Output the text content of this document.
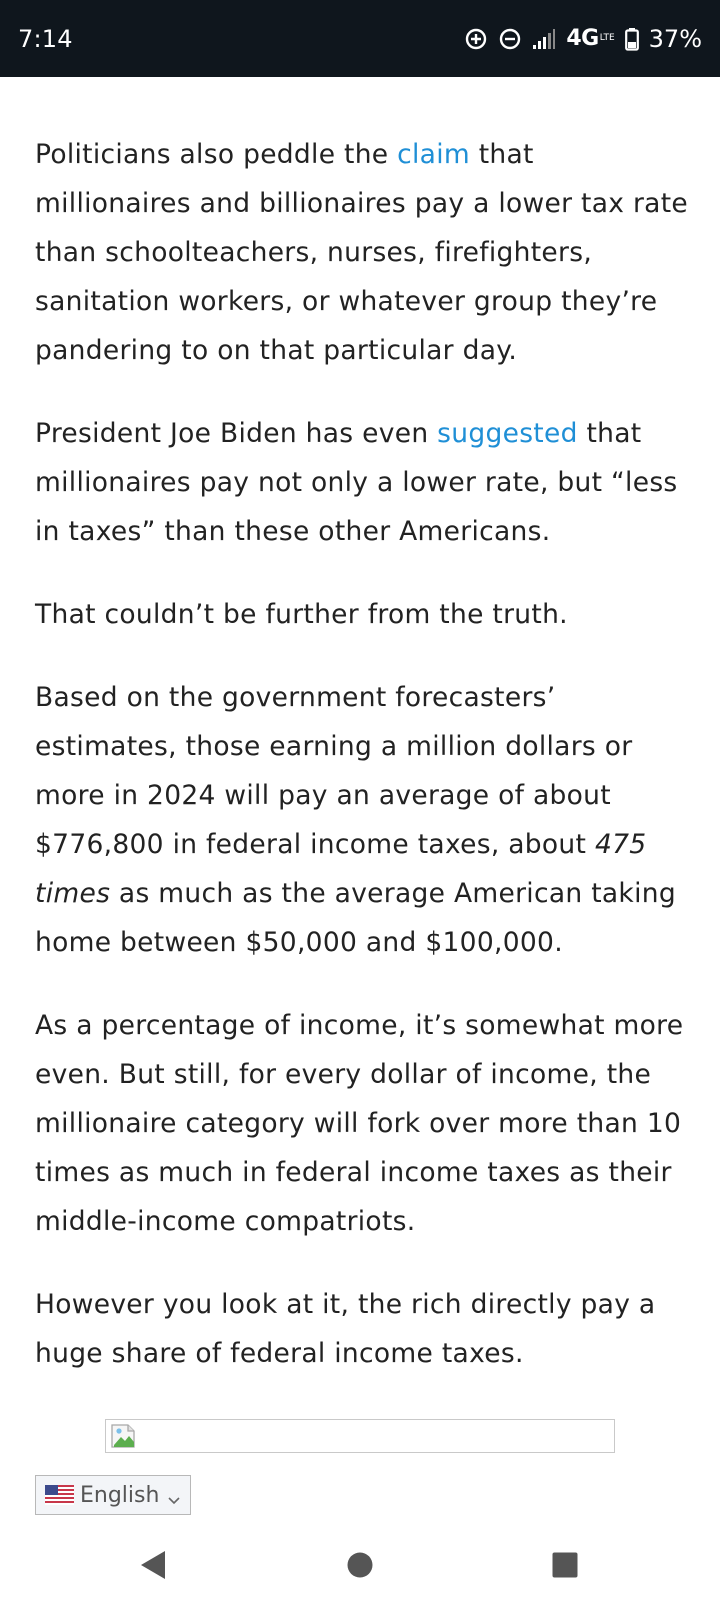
7:14	4G LTE 37%

Politicians also peddle the claim that millionaires and billionaires pay a lower tax rate than schoolteachers, nurses, firefighters, sanitation workers, or whatever group they’re pandering to on that particular day.

President Joe Biden has even suggested that millionaires pay not only a lower rate, but “less in taxes” than these other Americans.

That couldn’t be further from the truth.

Based on the government forecasters’ estimates, those earning a million dollars or more in 2024 will pay an average of about $776,800 in federal income taxes, about 475 times as much as the average American taking home between $50,000 and $100,000.

As a percentage of income, it’s somewhat more even. But still, for every dollar of income, the millionaire category will fork over more than 10 times as much in federal income taxes as their middle-income compatriots.

However you look at it, the rich directly pay a huge share of federal income taxes.

English
